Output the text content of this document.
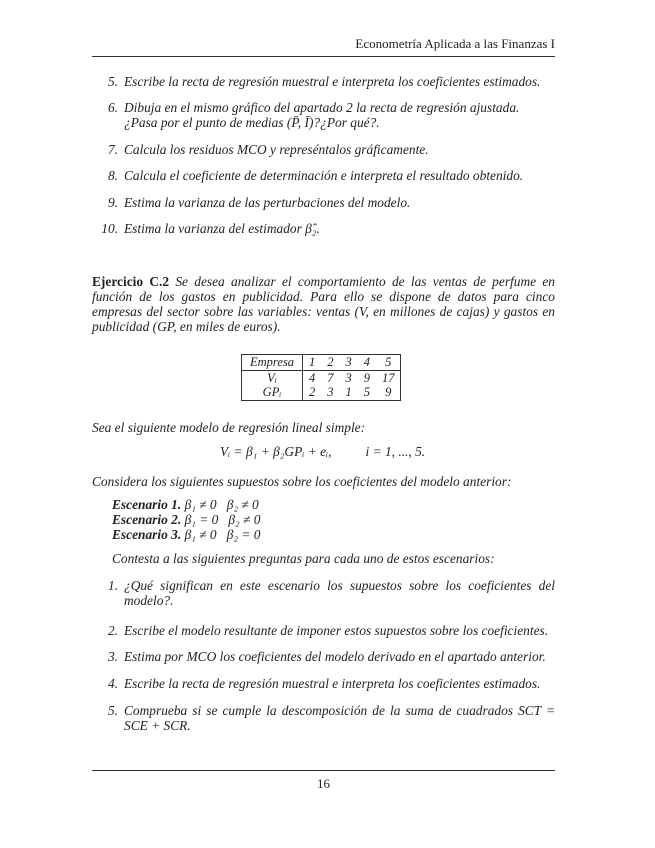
Econometría Aplicada a las Finanzas I
5. Escribe la recta de regresión muestral e interpreta los coeficientes estimados.
6. Dibuja en el mismo gráfico del apartado 2 la recta de regresión ajustada. ¿Pasa por el punto de medias (P̄, Ī)?¿Por qué?.
7. Calcula los residuos MCO y represéntalos gráficamente.
8. Calcula el coeficiente de determinación e interpreta el resultado obtenido.
9. Estima la varianza de las perturbaciones del modelo.
10. Estima la varianza del estimador β̂₂.
Ejercicio C.2 Se desea analizar el comportamiento de las ventas de perfume en función de los gastos en publicidad. Para ello se dispone de datos para cinco empresas del sector sobre las variables: ventas (V, en millones de cajas) y gastos en publicidad (GP, en miles de euros).
Empresa	1	2	3	4	5
Vᵢ	4	7	3	9	17
GPᵢ	2	3	1	5	9
Sea el siguiente modelo de regresión lineal simple:
Vᵢ = β₁ + β₂GPᵢ + eᵢ,	i = 1, ..., 5.
Considera los siguientes supuestos sobre los coeficientes del modelo anterior:
Escenario 1. β₁ ≠ 0 β₂ ≠ 0
Escenario 2. β₁ = 0 β₂ ≠ 0
Escenario 3. β₁ ≠ 0 β₂ = 0
Contesta a las siguientes preguntas para cada uno de estos escenarios:
1. ¿Qué significan en este escenario los supuestos sobre los coeficientes del modelo?.
2. Escribe el modelo resultante de imponer estos supuestos sobre los coeficientes.
3. Estima por MCO los coeficientes del modelo derivado en el apartado anterior.
4. Escribe la recta de regresión muestral e interpreta los coeficientes estimados.
5. Comprueba si se cumple la descomposición de la suma de cuadrados SCT = SCE + SCR.
16
